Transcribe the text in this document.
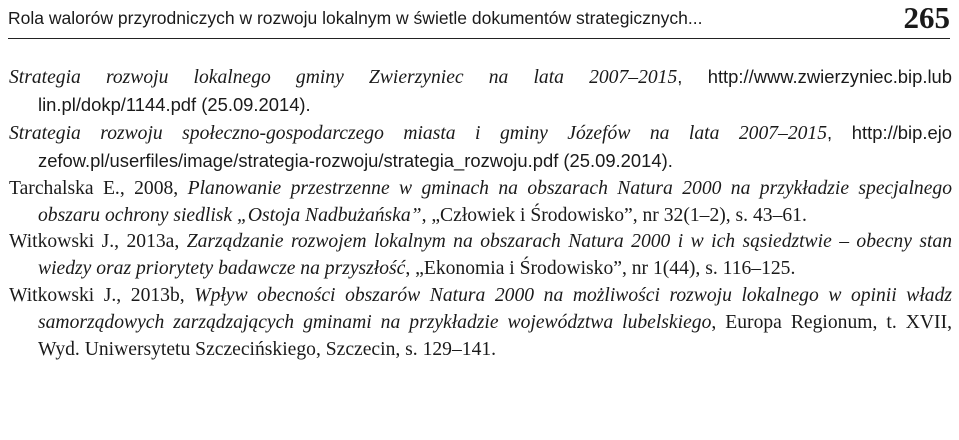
Rola walorów przyrodniczych w rozwoju lokalnym w świetle dokumentów strategicznych...	265

Strategia rozwoju lokalnego gminy Zwierzyniec na lata 2007–2015, http://www.zwierzyniec.bip.lub lin.pl/dokp/1144.pdf (25.09.2014).

Strategia rozwoju społeczno-gospodarczego miasta i gminy Józefów na lata 2007–2015, http://bip.ejo zefow.pl/userfiles/image/strategia-rozwoju/strategia_rozwoju.pdf (25.09.2014).

Tarchalska E., 2008, Planowanie przestrzenne w gminach na obszarach Natura 2000 na przykładzie specjalnego obszaru ochrony siedlisk „Ostoja Nadbużańska”, „Człowiek i Środowisko”, nr 32(1–2), s. 43–61.

Witkowski J., 2013a, Zarządzanie rozwojem lokalnym na obszarach Natura 2000 i w ich sąsiedztwie – obecny stan wiedzy oraz priorytety badawcze na przyszłość, „Ekonomia i Środowisko”, nr 1(44), s. 116–125.

Witkowski J., 2013b, Wpływ obecności obszarów Natura 2000 na możliwości rozwoju lokalnego w opinii władz samorządowych zarządzających gminami na przykładzie województwa lubelskiego, Europa Regionum, t. XVII, Wyd. Uniwersytetu Szczecińskiego, Szczecin, s. 129–141.
